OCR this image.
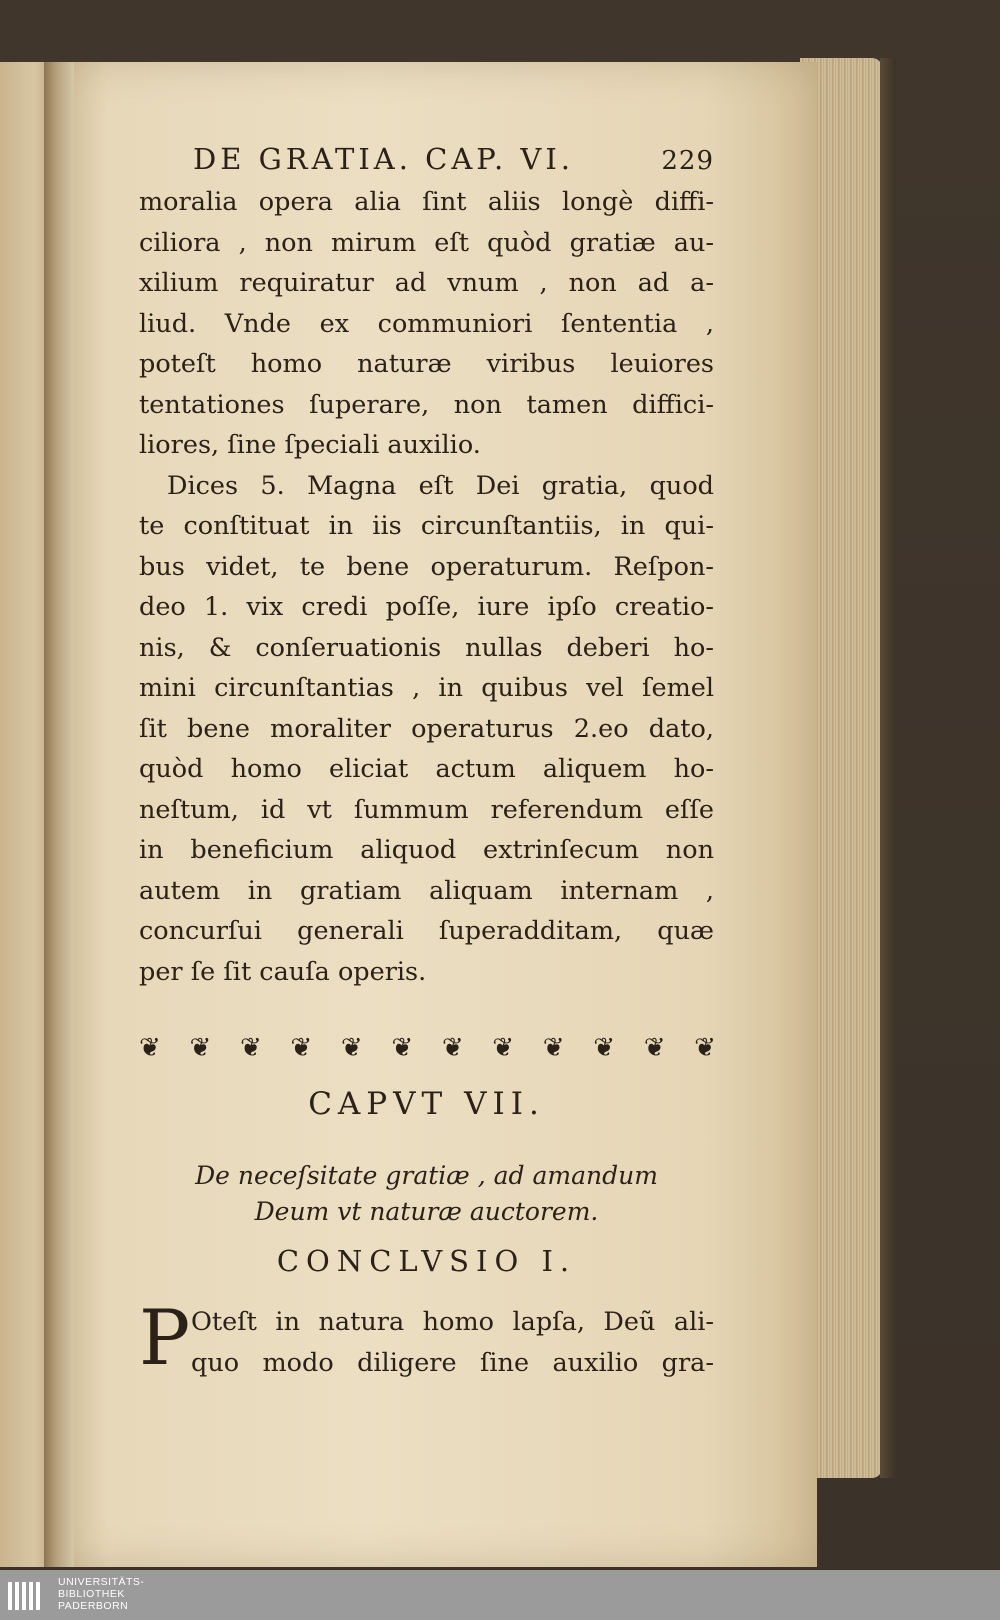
DE GRATIA. CAP. VI.	229
moralia opera alia ſint aliis longè diffi-
ciliora , non mirum eſt quòd gratiæ au-
xilium requiratur ad vnum , non ad a-
liud. Vnde ex communiori ſententia ,
poteſt homo naturæ viribus leuiores
tentationes ſuperare, non tamen diffici-
liores, ſine ſpeciali auxilio.
Dices 5. Magna eſt Dei gratia, quod
te conſtituat in iis circunſtantiis, in qui-
bus videt, te bene operaturum. Reſpon-
deo 1. vix credi poſſe, iure ipſo creatio-
nis, & conſeruationis nullas deberi ho-
mini circunſtantias , in quibus vel ſemel
ſit bene moraliter operaturus 2.eo dato,
quòd homo eliciat actum aliquem ho-
neſtum, id vt ſummum referendum eſſe
in beneficium aliquod extrinſecum non
autem in gratiam aliquam internam ,
concurſui generali ſuperadditam, quæ
per ſe ſit cauſa operis.
❦ ❦ ❦ ❦ ❦ ❦ ❦ ❦ ❦ ❦ ❦ ❦
CAPVT VII.
De neceſsitate gratiæ , ad amandum
Deum vt naturæ auctorem.
CONCLVSIO I.
P Oteſt in natura homo lapſa, Deũ ali-
quo modo diligere ſine auxilio gra-
UNIVERSITÄTS-
BIBLIOTHEK
PADERBORN
